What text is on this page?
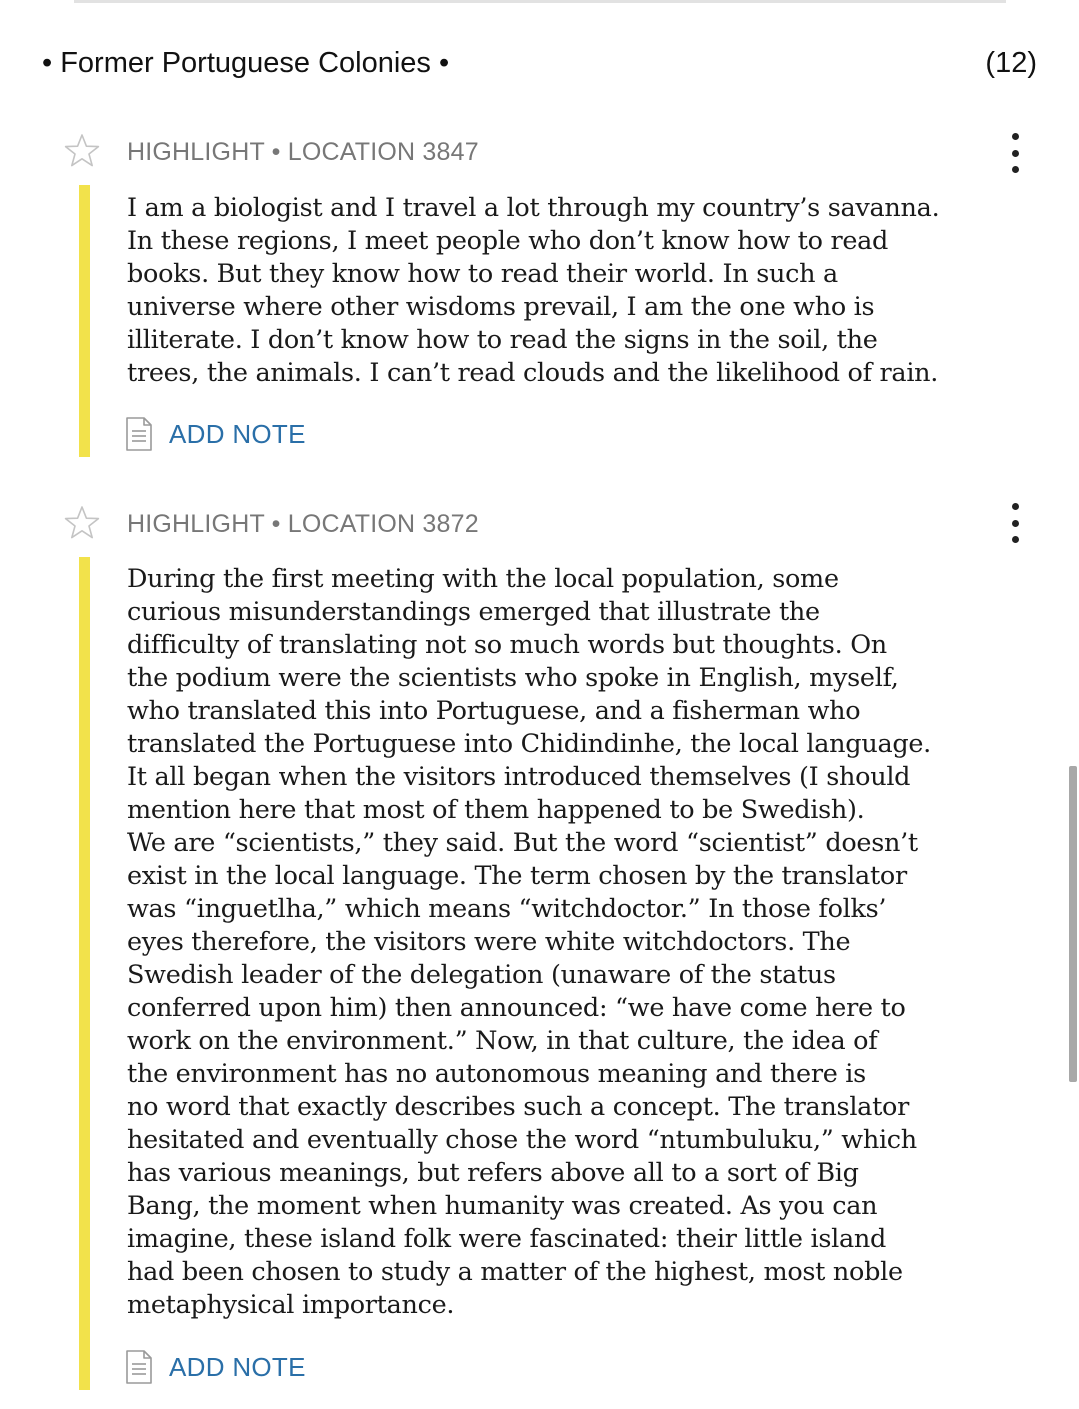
• Former Portuguese Colonies •	(12)
HIGHLIGHT • LOCATION 3847

I am a biologist and I travel a lot through my country’s savanna.
In these regions, I meet people who don’t know how to read
books. But they know how to read their world. In such a
universe where other wisdoms prevail, I am the one who is
illiterate. I don’t know how to read the signs in the soil, the
trees, the animals. I can’t read clouds and the likelihood of rain.

ADD NOTE
HIGHLIGHT • LOCATION 3872

During the first meeting with the local population, some
curious misunderstandings emerged that illustrate the
difficulty of translating not so much words but thoughts. On
the podium were the scientists who spoke in English, myself,
who translated this into Portuguese, and a fisherman who
translated the Portuguese into Chidindinhe, the local language.
It all began when the visitors introduced themselves (I should
mention here that most of them happened to be Swedish).
We are “scientists,” they said. But the word “scientist” doesn’t
exist in the local language. The term chosen by the translator
was “inguetlha,” which means “witchdoctor.” In those folks’
eyes therefore, the visitors were white witchdoctors. The
Swedish leader of the delegation (unaware of the status
conferred upon him) then announced: “we have come here to
work on the environment.” Now, in that culture, the idea of
the environment has no autonomous meaning and there is
no word that exactly describes such a concept. The translator
hesitated and eventually chose the word “ntumbuluku,” which
has various meanings, but refers above all to a sort of Big
Bang, the moment when humanity was created. As you can
imagine, these island folk were fascinated: their little island
had been chosen to study a matter of the highest, most noble
metaphysical importance.

ADD NOTE
